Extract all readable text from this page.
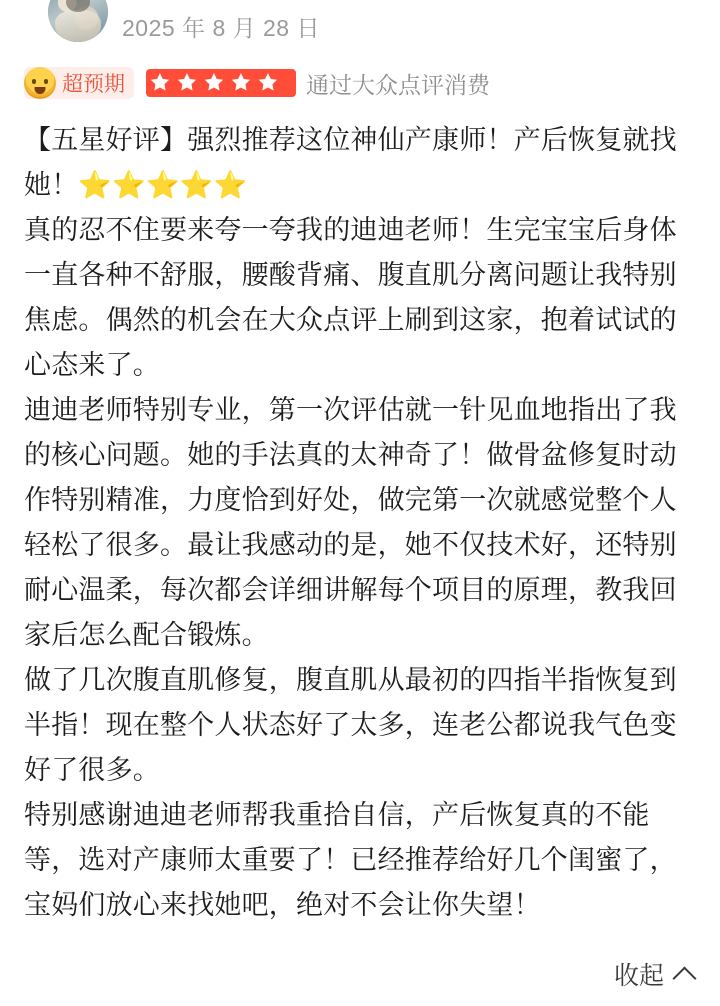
2025 年 8 月 28 日
超预期	通过大众点评消费

【五星好评】强烈推荐这位神仙产康师！产后恢复就找她！⭐️⭐️⭐️⭐️⭐️

真的忍不住要来夸一夸我的迪迪老师！生完宝宝后身体一直各种不舒服，腰酸背痛、腹直肌分离问题让我特别焦虑。偶然的机会在大众点评上刷到这家，抱着试试的心态来了。

迪迪老师特别专业，第一次评估就一针见血地指出了我的核心问题。她的手法真的太神奇了！做骨盆修复时动作特别精准，力度恰到好处，做完第一次就感觉整个人轻松了很多。最让我感动的是，她不仅技术好，还特别耐心温柔，每次都会详细讲解每个项目的原理，教我回家后怎么配合锻炼。

做了几次腹直肌修复，腹直肌从最初的四指半指恢复到半指！现在整个人状态好了太多，连老公都说我气色变好了很多。

特别感谢迪迪老师帮我重拾自信，产后恢复真的不能等，选对产康师太重要了！已经推荐给好几个闺蜜了，宝妈们放心来找她吧，绝对不会让你失望！

收起
